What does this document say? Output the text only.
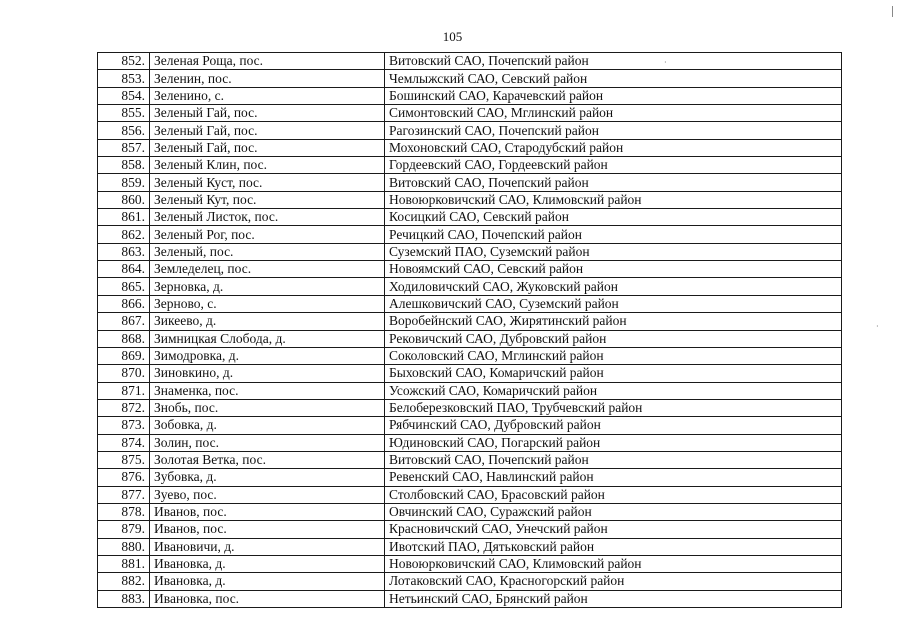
·
·
105
852.	Зеленая Роща, пос.	Витовский САО, Почепский район
853.	Зеленин, пос.	Чемлыжский САО, Севский район
854.	Зеленино, с.	Бошинский САО, Карачевский район
855.	Зеленый Гай, пос.	Симонтовский САО, Мглинский район
856.	Зеленый Гай, пос.	Рагозинский САО, Почепский район
857.	Зеленый Гай, пос.	Мохоновский САО, Стародубский район
858.	Зеленый Клин, пос.	Гордеевский САО, Гордеевский район
859.	Зеленый Куст, пос.	Витовский САО, Почепский район
860.	Зеленый Кут, пос.	Новоюрковичский САО, Климовский район
861.	Зеленый Листок, пос.	Косицкий САО, Севский район
862.	Зеленый Рог, пос.	Речицкий САО, Почепский район
863.	Зеленый, пос.	Суземский ПАО, Суземский район
864.	Земледелец, пос.	Новоямский САО, Севский район
865.	Зерновка, д.	Ходиловичский САО, Жуковский район
866.	Зерново, с.	Алешковичский САО, Суземский район
867.	Зикеево, д.	Воробейнский САО, Жирятинский район
868.	Зимницкая Слобода, д.	Рековичский САО, Дубровский район
869.	Зимодровка, д.	Соколовский САО, Мглинский район
870.	Зиновкино, д.	Быховский САО, Комаричский район
871.	Знаменка, пос.	Усожский САО, Комаричский район
872.	Знобь, пос.	Белоберезковский ПАО, Трубчевский район
873.	Зобовка, д.	Рябчинский САО, Дубровский район
874.	Золин, пос.	Юдиновский САО, Погарский район
875.	Золотая Ветка, пос.	Витовский САО, Почепский район
876.	Зубовка, д.	Ревенский САО, Навлинский район
877.	Зуево, пос.	Столбовский САО, Брасовский район
878.	Иванов, пос.	Овчинский САО, Суражский район
879.	Иванов, пос.	Красновичский САО, Унечский район
880.	Ивановичи, д.	Ивотский ПАО, Дятьковский район
881.	Ивановка, д.	Новоюрковичский САО, Климовский район
882.	Ивановка, д.	Лотаковский САО, Красногорский район
883.	Ивановка, пос.	Нетьинский САО, Брянский район
